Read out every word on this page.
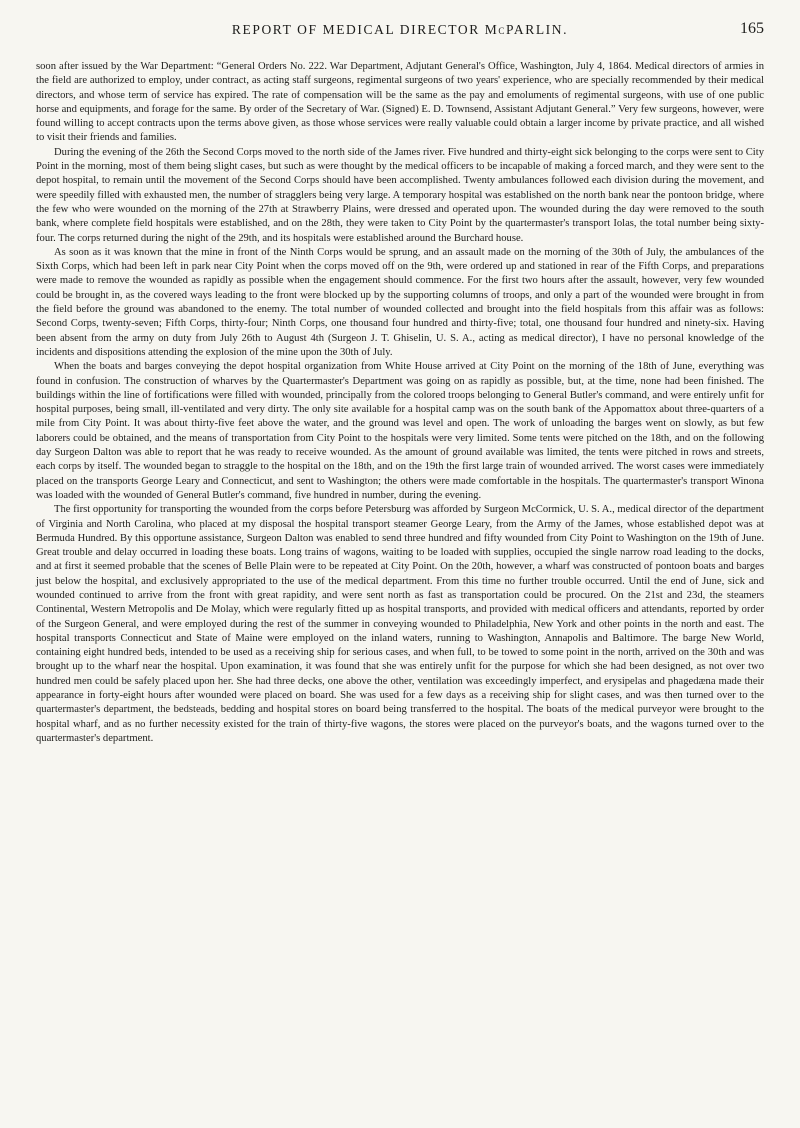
REPORT OF MEDICAL DIRECTOR McPARLIN.	165

soon after issued by the War Department: “General Orders No. 222. War Department, Adjutant General's Office, Washington, July 4, 1864. Medical directors of armies in the field are authorized to employ, under contract, as acting staff surgeons, regimental surgeons of two years' experience, who are specially recommended by their medical directors, and whose term of service has expired. The rate of compensation will be the same as the pay and emoluments of regimental surgeons, with use of one public horse and equipments, and forage for the same. By order of the Secretary of War. (Signed) E. D. Townsend, Assistant Adjutant General.” Very few surgeons, however, were found willing to accept contracts upon the terms above given, as those whose services were really valuable could obtain a larger income by private practice, and all wished to visit their friends and families.

During the evening of the 26th the Second Corps moved to the north side of the James river. Five hundred and thirty-eight sick belonging to the corps were sent to City Point in the morning, most of them being slight cases, but such as were thought by the medical officers to be incapable of making a forced march, and they were sent to the depot hospital, to remain until the movement of the Second Corps should have been accomplished. Twenty ambulances followed each division during the movement, and were speedily filled with exhausted men, the number of stragglers being very large. A temporary hospital was established on the north bank near the pontoon bridge, where the few who were wounded on the morning of the 27th at Strawberry Plains, were dressed and operated upon. The wounded during the day were removed to the south bank, where complete field hospitals were established, and on the 28th, they were taken to City Point by the quartermaster's transport Iolas, the total number being sixty-four. The corps returned during the night of the 29th, and its hospitals were established around the Burchard house.

As soon as it was known that the mine in front of the Ninth Corps would be sprung, and an assault made on the morning of the 30th of July, the ambulances of the Sixth Corps, which had been left in park near City Point when the corps moved off on the 9th, were ordered up and stationed in rear of the Fifth Corps, and preparations were made to remove the wounded as rapidly as possible when the engagement should commence. For the first two hours after the assault, however, very few wounded could be brought in, as the covered ways leading to the front were blocked up by the supporting columns of troops, and only a part of the wounded were brought in from the field before the ground was abandoned to the enemy. The total number of wounded collected and brought into the field hospitals from this affair was as follows: Second Corps, twenty-seven; Fifth Corps, thirty-four; Ninth Corps, one thousand four hundred and thirty-five; total, one thousand four hundred and ninety-six. Having been absent from the army on duty from July 26th to August 4th (Surgeon J. T. Ghiselin, U. S. A., acting as medical director), I have no personal knowledge of the incidents and dispositions attending the explosion of the mine upon the 30th of July.

When the boats and barges conveying the depot hospital organization from White House arrived at City Point on the morning of the 18th of June, everything was found in confusion. The construction of wharves by the Quartermaster's Department was going on as rapidly as possible, but, at the time, none had been finished. The buildings within the line of fortifications were filled with wounded, principally from the colored troops belonging to General Butler's command, and were entirely unfit for hospital purposes, being small, ill-ventilated and very dirty. The only site available for a hospital camp was on the south bank of the Appomattox about three-quarters of a mile from City Point. It was about thirty-five feet above the water, and the ground was level and open. The work of unloading the barges went on slowly, as but few laborers could be obtained, and the means of transportation from City Point to the hospitals were very limited. Some tents were pitched on the 18th, and on the following day Surgeon Dalton was able to report that he was ready to receive wounded. As the amount of ground available was limited, the tents were pitched in rows and streets, each corps by itself. The wounded began to straggle to the hospital on the 18th, and on the 19th the first large train of wounded arrived. The worst cases were immediately placed on the transports George Leary and Connecticut, and sent to Washington; the others were made comfortable in the hospitals. The quartermaster's transport Winona was loaded with the wounded of General Butler's command, five hundred in number, during the evening.

The first opportunity for transporting the wounded from the corps before Petersburg was afforded by Surgeon McCormick, U. S. A., medical director of the department of Virginia and North Carolina, who placed at my disposal the hospital transport steamer George Leary, from the Army of the James, whose established depot was at Bermuda Hundred. By this opportune assistance, Surgeon Dalton was enabled to send three hundred and fifty wounded from City Point to Washington on the 19th of June. Great trouble and delay occurred in loading these boats. Long trains of wagons, waiting to be loaded with supplies, occupied the single narrow road leading to the docks, and at first it seemed probable that the scenes of Belle Plain were to be repeated at City Point. On the 20th, however, a wharf was constructed of pontoon boats and barges just below the hospital, and exclusively appropriated to the use of the medical department. From this time no further trouble occurred. Until the end of June, sick and wounded continued to arrive from the front with great rapidity, and were sent north as fast as transportation could be procured. On the 21st and 23d, the steamers Continental, Western Metropolis and De Molay, which were regularly fitted up as hospital transports, and provided with medical officers and attendants, reported by order of the Surgeon General, and were employed during the rest of the summer in conveying wounded to Philadelphia, New York and other points in the north and east. The hospital transports Connecticut and State of Maine were employed on the inland waters, running to Washington, Annapolis and Baltimore. The barge New World, containing eight hundred beds, intended to be used as a receiving ship for serious cases, and when full, to be towed to some point in the north, arrived on the 30th and was brought up to the wharf near the hospital. Upon examination, it was found that she was entirely unfit for the purpose for which she had been designed, as not over two hundred men could be safely placed upon her. She had three decks, one above the other, ventilation was exceedingly imperfect, and erysipelas and phagedæna made their appearance in forty-eight hours after wounded were placed on board. She was used for a few days as a receiving ship for slight cases, and was then turned over to the quartermaster's department, the bedsteads, bedding and hospital stores on board being transferred to the hospital. The boats of the medical purveyor were brought to the hospital wharf, and as no further necessity existed for the train of thirty-five wagons, the stores were placed on the purveyor's boats, and the wagons turned over to the quartermaster's department.
